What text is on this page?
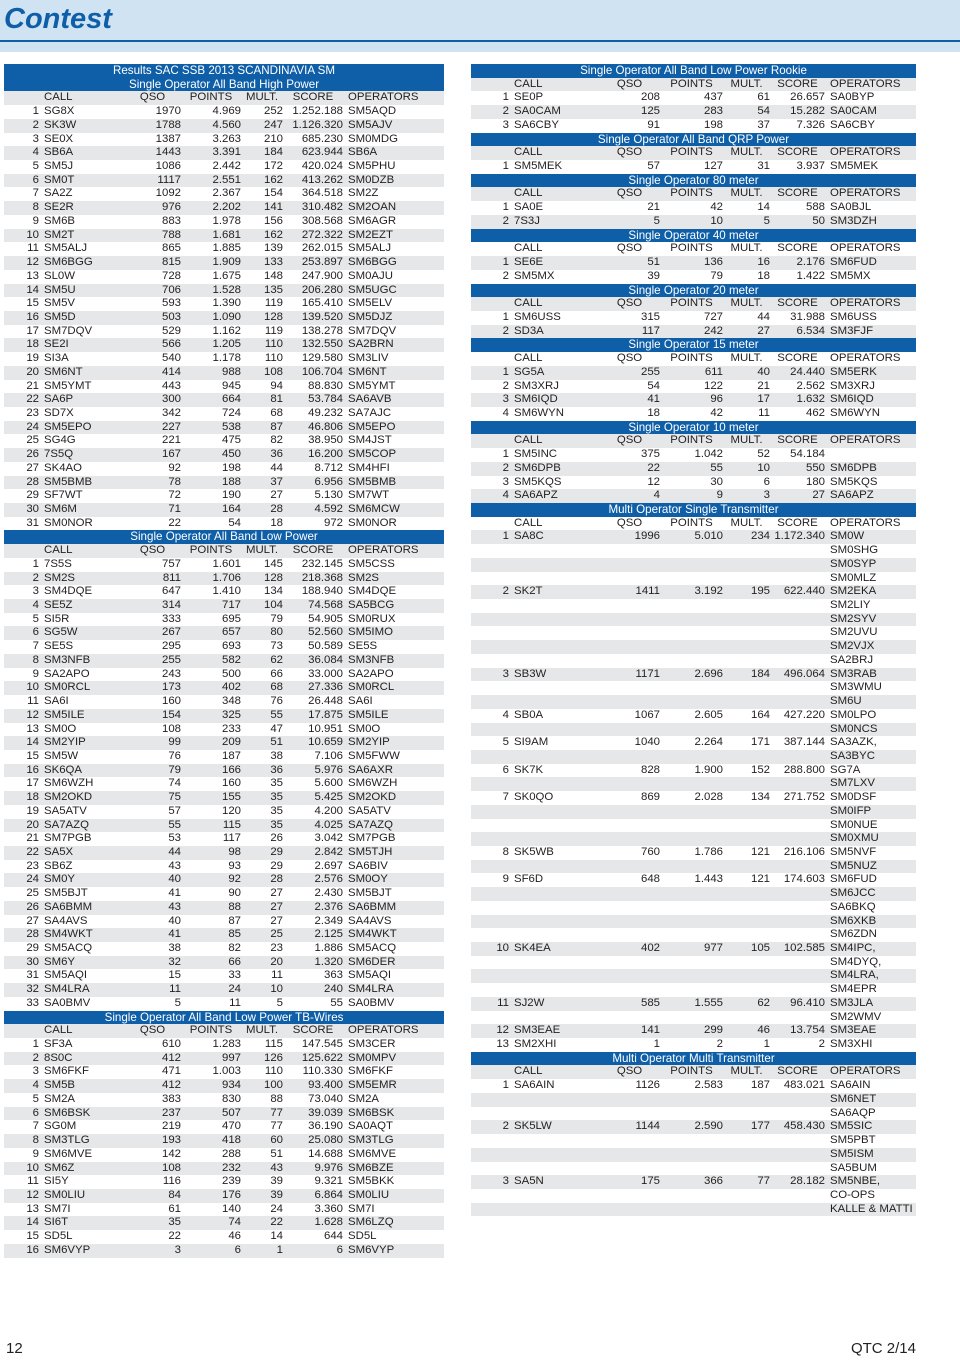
Contest
Results SAC SSB 2013 SCANDINAVIA SM						
Single Operator All Band High Power						
	CALL	QSO	POINTS	MULT.	SCORE	OPERATORS
1	SG8X	1970	4.969	252	1.252.188	SM5AQD
2	SK3W	1788	4.560	247	1.126.320	SM5AJV
3	SE0X	1387	3.263	210	685.230	SM0MDG
4	SB6A	1443	3.391	184	623.944	SB6A
5	SM5J	1086	2.442	172	420.024	SM5PHU
6	SM0T	1117	2.551	162	413.262	SM0DZB
7	SA2Z	1092	2.367	154	364.518	SM2Z
8	SE2R	976	2.202	141	310.482	SM2OAN
9	SM6B	883	1.978	156	308.568	SM6AGR
10	SM2T	788	1.681	162	272.322	SM2EZT
11	SM5ALJ	865	1.885	139	262.015	SM5ALJ
12	SM6BGG	815	1.909	133	253.897	SM6BGG
13	SL0W	728	1.675	148	247.900	SM0AJU
14	SM5U	706	1.528	135	206.280	SM5UGC
15	SM5V	593	1.390	119	165.410	SM5ELV
16	SM5D	503	1.090	128	139.520	SM5DJZ
17	SM7DQV	529	1.162	119	138.278	SM7DQV
18	SE2I	566	1.205	110	132.550	SA2BRN
19	SI3A	540	1.178	110	129.580	SM3LIV
20	SM6NT	414	988	108	106.704	SM6NT
21	SM5YMT	443	945	94	88.830	SM5YMT
22	SA6P	300	664	81	53.784	SA6AVB
23	SD7X	342	724	68	49.232	SA7AJC
24	SM5EPO	227	538	87	46.806	SM5EPO
25	SG4G	221	475	82	38.950	SM4JST
26	7S5Q	167	450	36	16.200	SM5COP
27	SK4AO	92	198	44	8.712	SM4HFI
28	SM5BMB	78	188	37	6.956	SM5BMB
29	SF7WT	72	190	27	5.130	SM7WT
30	SM6M	71	164	28	4.592	SM6MCW
31	SM0NOR	22	54	18	972	SM0NOR
Single Operator All Band Low Power						
	CALL	QSO	POINTS	MULT.	SCORE	OPERATORS
1	7S5S	757	1.601	145	232.145	SM5CSS
2	SM2S	811	1.706	128	218.368	SM2S
3	SM4DQE	647	1.410	134	188.940	SM4DQE
4	SE5Z	314	717	104	74.568	SA5BCG
5	SI5R	333	695	79	54.905	SM0RUX
6	SG5W	267	657	80	52.560	SM5IMO
7	SE5S	295	693	73	50.589	SE5S
8	SM3NFB	255	582	62	36.084	SM3NFB
9	SA2APO	243	500	66	33.000	SA2APO
10	SM0RCL	173	402	68	27.336	SM0RCL
11	SA6I	160	348	76	26.448	SA6I
12	SM5ILE	154	325	55	17.875	SM5ILE
13	SM0O	108	233	47	10.951	SM0O
14	SM2YIP	99	209	51	10.659	SM2YIP
15	SM5W	76	187	38	7.106	SM5FWW
16	SK6QA	79	166	36	5.976	SA6AXR
17	SM6WZH	74	160	35	5.600	SM6WZH
18	SM2OKD	75	155	35	5.425	SM2OKD
19	SA5ATV	57	120	35	4.200	SA5ATV
20	SA7AZQ	55	115	35	4.025	SA7AZQ
21	SM7PGB	53	117	26	3.042	SM7PGB
22	SA5X	44	98	29	2.842	SM5TJH
23	SB6Z	43	93	29	2.697	SA6BIV
24	SM0Y	40	92	28	2.576	SM0OY
25	SM5BJT	41	90	27	2.430	SM5BJT
26	SA6BMM	43	88	27	2.376	SA6BMM
27	SA4AVS	40	87	27	2.349	SA4AVS
28	SM4WKT	41	85	25	2.125	SM4WKT
29	SM5ACQ	38	82	23	1.886	SM5ACQ
30	SM6Y	32	66	20	1.320	SM6DER
31	SM5AQI	15	33	11	363	SM5AQI
32	SM4LRA	11	24	10	240	SM4LRA
33	SA0BMV	5	11	5	55	SA0BMV
Single Operator All Band Low Power TB-Wires						
	CALL	QSO	POINTS	MULT.	SCORE	OPERATORS
1	SF3A	610	1.283	115	147.545	SM3CER
2	8S0C	412	997	126	125.622	SM0MPV
3	SM6FKF	471	1.003	110	110.330	SM6FKF
4	SM5B	412	934	100	93.400	SM5EMR
5	SM2A	383	830	88	73.040	SM2A
6	SM6BSK	237	507	77	39.039	SM6BSK
7	SG0M	219	470	77	36.190	SA0AQT
8	SM3TLG	193	418	60	25.080	SM3TLG
9	SM6MVE	142	288	51	14.688	SM6MVE
10	SM6Z	108	232	43	9.976	SM6BZE
11	SI5Y	116	239	39	9.321	SM5BKK
12	SM0LIU	84	176	39	6.864	SM0LIU
13	SM7I	61	140	24	3.360	SM7I
14	SI6T	35	74	22	1.628	SM6LZQ
15	SD5L	22	46	14	644	SD5L
16	SM6VYP	3	6	1	6	SM6VYP
Single Operator All Band Low Power Rookie						
	CALL	QSO	POINTS	MULT.	SCORE	OPERATORS
1	SE0P	208	437	61	26.657	SA0BYP
2	SA0CAM	125	283	54	15.282	SA0CAM
3	SA6CBY	91	198	37	7.326	SA6CBY
Single Operator All Band QRP Power						
	CALL	QSO	POINTS	MULT.	SCORE	OPERATORS
1	SM5MEK	57	127	31	3.937	SM5MEK
Single Operator 80 meter						
	CALL	QSO	POINTS	MULT.	SCORE	OPERATORS
1	SA0E	21	42	14	588	SA0BJL
2	7S3J	5	10	5	50	SM3DZH
Single Operator 40 meter						
	CALL	QSO	POINTS	MULT.	SCORE	OPERATORS
1	SE6E	51	136	16	2.176	SM6FUD
2	SM5MX	39	79	18	1.422	SM5MX
Single Operator 20 meter						
	CALL	QSO	POINTS	MULT.	SCORE	OPERATORS
1	SM6USS	315	727	44	31.988	SM6USS
2	SD3A	117	242	27	6.534	SM3FJF
Single Operator 15 meter						
	CALL	QSO	POINTS	MULT.	SCORE	OPERATORS
1	SG5A	255	611	40	24.440	SM5ERK
2	SM3XRJ	54	122	21	2.562	SM3XRJ
3	SM6IQD	41	96	17	1.632	SM6IQD
4	SM6WYN	18	42	11	462	SM6WYN
Single Operator 10 meter						
	CALL	QSO	POINTS	MULT.	SCORE	OPERATORS
1	SM5INC	375	1.042	52	54.184	
2	SM6DPB	22	55	10	550	SM6DPB
3	SM5KQS	12	30	6	180	SM5KQS
4	SA6APZ	4	9	3	27	SA6APZ
Multi Operator Single Transmitter						
	CALL	QSO	POINTS	MULT.	SCORE	OPERATORS
1	SA8C	1996	5.010	234	1.172.340	SM0W
						SM0SHG
						SM0SYP
						SM0MLZ
2	SK2T	1411	3.192	195	622.440	SM2EKA
						SM2LIY
						SM2SYV
						SM2UVU
						SM2VJX
						SA2BRJ
3	SB3W	1171	2.696	184	496.064	SM3RAB
						SM3WMU
						SM6U
4	SB0A	1067	2.605	164	427.220	SM0LPO
						SM0NCS
5	SI9AM	1040	2.264	171	387.144	SA3AZK,
						SA3BYC
6	SK7K	828	1.900	152	288.800	SG7A
						SM7LXV
7	SK0QO	869	2.028	134	271.752	SM0DSF
						SM0IFP
						SM0NUE
						SM0XMU
8	SK5WB	760	1.786	121	216.106	SM5NVF
						SM5NUZ
9	SF6D	648	1.443	121	174.603	SM6FUD
						SM6JCC
						SA6BKQ
						SM6XKB
						SM6ZDN
10	SK4EA	402	977	105	102.585	SM4IPC,
						SM4DYQ,
						SM4LRA,
						SM4EPR
11	SJ2W	585	1.555	62	96.410	SM3JLA
						SM2WMV
12	SM3EAE	141	299	46	13.754	SM3EAE
13	SM2XHI	1	2	1	2	SM3XHI
Multi Operator Multi Transmitter						
	CALL	QSO	POINTS	MULT.	SCORE	OPERATORS
1	SA6AIN	1126	2.583	187	483.021	SA6AIN
						SM6NET
						SA6AQP
2	SK5LW	1144	2.590	177	458.430	SM5SIC
						SM5PBT
						SM5ISM
						SA5BUM
3	SA5N	175	366	77	28.182	SM5NBE,
						CO-OPS
						KALLE & MATTI
12	QTC 2/14
